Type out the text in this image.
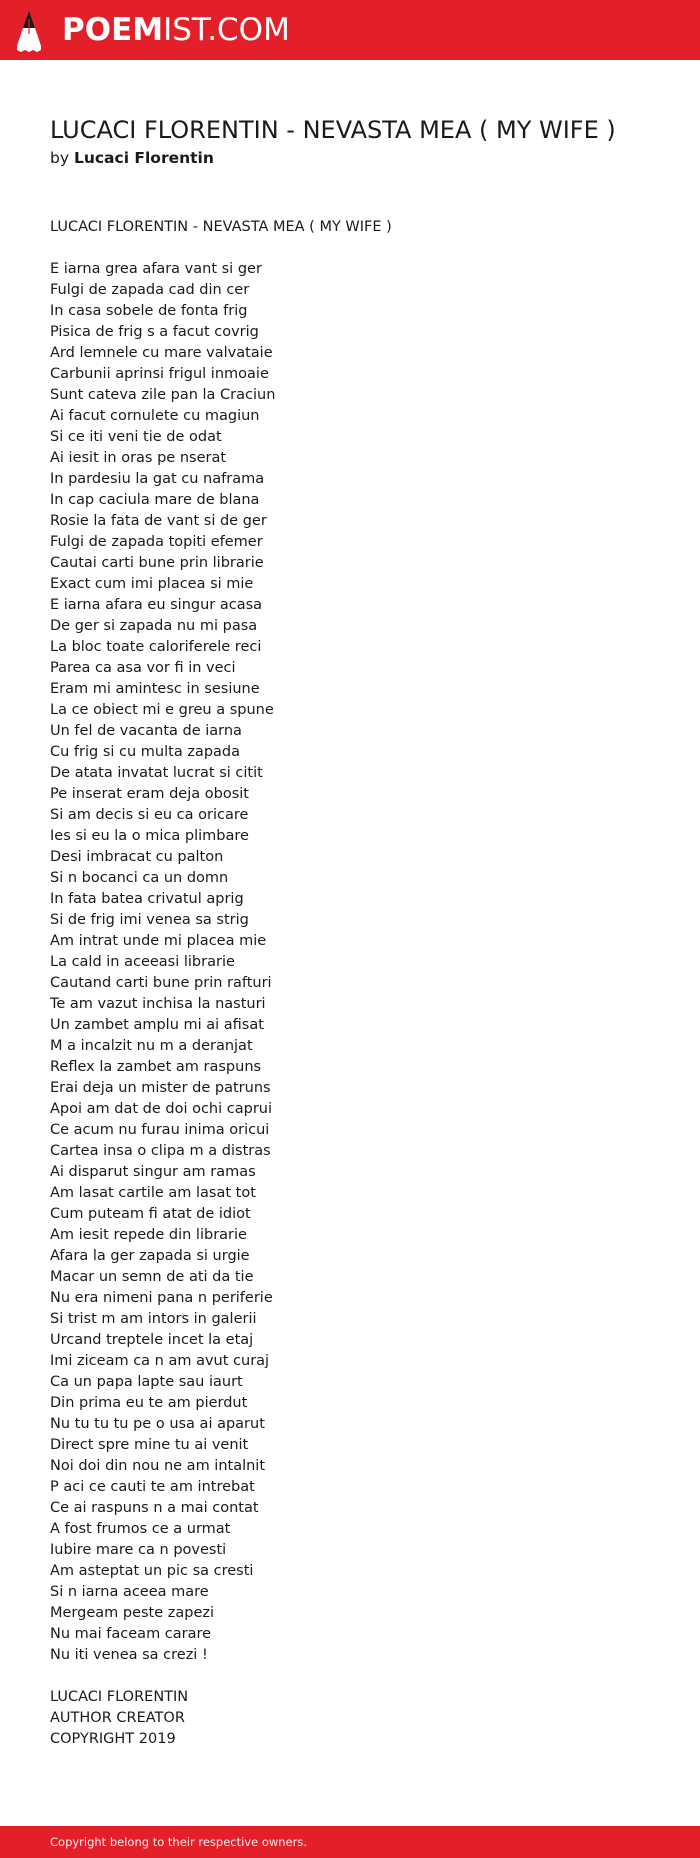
POEMIST.COM
LUCACI FLORENTIN - NEVASTA MEA ( MY WIFE )
by Lucaci Florentin
LUCACI FLORENTIN - NEVASTA MEA ( MY WIFE )
E iarna grea afara vant si ger
Fulgi de zapada cad din cer
In casa sobele de fonta frig
Pisica de frig s a facut covrig
Ard lemnele cu mare valvataie
Carbunii aprinsi frigul inmoaie
Sunt cateva zile pan la Craciun
Ai facut cornulete cu magiun
Si ce iti veni tie de odat
Ai iesit in oras pe nserat
In pardesiu la gat cu naframa
In cap caciula mare de blana
Rosie la fata de vant si de ger
Fulgi de zapada topiti efemer
Cautai carti bune prin librarie
Exact cum imi placea si mie
E iarna afara eu singur acasa
De ger si zapada nu mi pasa
La bloc toate caloriferele reci
Parea ca asa vor fi in veci
Eram mi amintesc in sesiune
La ce obiect mi e greu a spune
Un fel de vacanta de iarna
Cu frig si cu multa zapada
De atata invatat lucrat si citit
Pe inserat eram deja obosit
Si am decis si eu ca oricare
Ies si eu la o mica plimbare
Desi imbracat cu palton
Si n bocanci ca un domn
In fata batea crivatul aprig
Si de frig imi venea sa strig
Am intrat unde mi placea mie
La cald in aceeasi librarie
Cautand carti bune prin rafturi
Te am vazut inchisa la nasturi
Un zambet amplu mi ai afisat
M a incalzit nu m a deranjat
Reflex la zambet am raspuns
Erai deja un mister de patruns
Apoi am dat de doi ochi caprui
Ce acum nu furau inima oricui
Cartea insa o clipa m a distras
Ai disparut singur am ramas
Am lasat cartile am lasat tot
Cum puteam fi atat de idiot
Am iesit repede din librarie
Afara la ger zapada si urgie
Macar un semn de ati da tie
Nu era nimeni pana n periferie
Si trist m am intors in galerii
Urcand treptele incet la etaj
Imi ziceam ca n am avut curaj
Ca un papa lapte sau iaurt
Din prima eu te am pierdut
Nu tu tu tu pe o usa ai aparut
Direct spre mine tu ai venit
Noi doi din nou ne am intalnit
P aci ce cauti te am intrebat
Ce ai raspuns n a mai contat
A fost frumos ce a urmat
Iubire mare ca n povesti
Am asteptat un pic sa cresti
Si n iarna aceea mare
Mergeam peste zapezi
Nu mai faceam carare
Nu iti venea sa crezi !
LUCACI FLORENTIN
AUTHOR CREATOR
COPYRIGHT 2019
Copyright belong to their respective owners.
